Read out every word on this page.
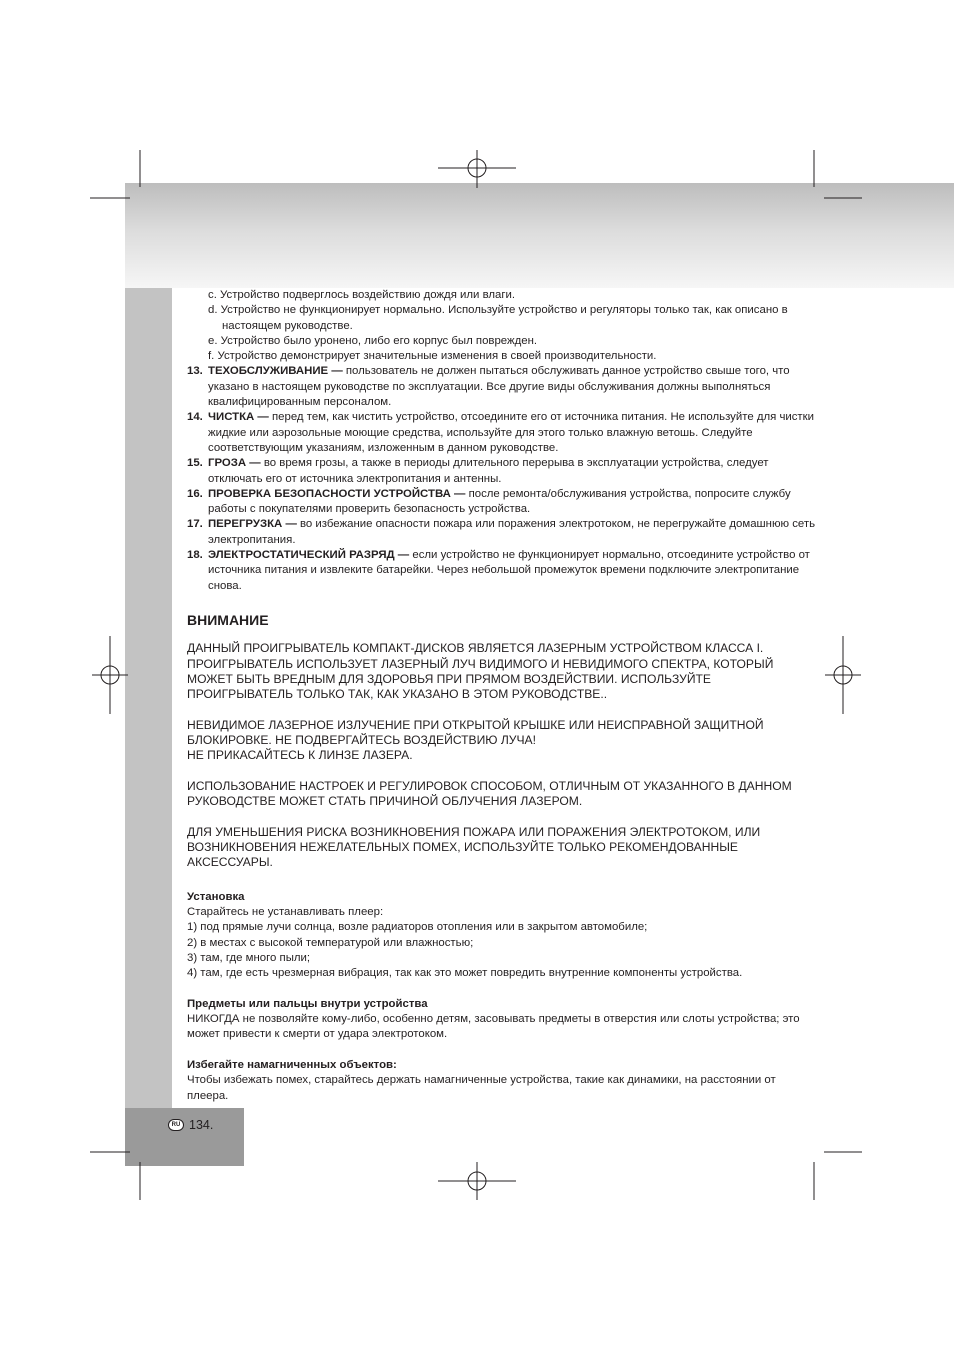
RU 134.
c. Устройство подверглось воздействию дождя или влаги.
d. Устройство не функционирует нормально. Используйте устройство и регуляторы только так, как описано в настоящем руководстве.
e. Устройство было уронено, либо его корпус был поврежден.
f. Устройство демонстрирует значительные изменения в своей производительности.
13. ТЕХОБСЛУЖИВАНИЕ — пользователь не должен пытаться обслуживать данное устройство свыше того, что указано в настоящем руководстве по эксплуатации. Все другие виды обслуживания должны выполняться квалифицированным персоналом.
14. ЧИСТКА — перед тем, как чистить устройство, отсоедините его от источника питания. Не используйте для чистки жидкие или аэрозольные моющие средства, используйте для этого только влажную ветошь. Следуйте соответствующим указаниям, изложенным в данном руководстве.
15. ГРОЗА — во время грозы, а также в периоды длительного перерыва в эксплуатации устройства, следует отключать его от источника электропитания и антенны.
16. ПРОВЕРКА БЕЗОПАСНОСТИ УСТРОЙСТВА — после ремонта/обслуживания устройства, попросите службу работы с покупателями проверить безопасность устройства.
17. ПЕРЕГРУЗКА — во избежание опасности пожара или поражения электротоком, не перегружайте домашнюю сеть электропитания.
18. ЭЛЕКТРОСТАТИЧЕСКИЙ РАЗРЯД — если устройство не функционирует нормально, отсоедините устройство от источника питания и извлеките батарейки. Через небольшой промежуток времени подключите электропитание снова.
ВНИМАНИЕ

ДАННЫЙ ПРОИГРЫВАТЕЛЬ КОМПАКТ-ДИСКОВ ЯВЛЯЕТСЯ ЛАЗЕРНЫМ УСТРОЙСТВОМ КЛАССА I. ПРОИГРЫВАТЕЛЬ ИСПОЛЬЗУЕТ ЛАЗЕРНЫЙ ЛУЧ ВИДИМОГО И НЕВИДИМОГО СПЕКТРА, КОТОРЫЙ МОЖЕТ БЫТЬ ВРЕДНЫМ ДЛЯ ЗДОРОВЬЯ ПРИ ПРЯМОМ ВОЗДЕЙСТВИИ. ИСПОЛЬЗУЙТЕ ПРОИГРЫВАТЕЛЬ ТОЛЬКО ТАК, КАК УКАЗАНО В ЭТОМ РУКОВОДСТВЕ..

НЕВИДИМОЕ ЛАЗЕРНОЕ ИЗЛУЧЕНИЕ ПРИ ОТКРЫТОЙ КРЫШКЕ ИЛИ НЕИСПРАВНОЙ ЗАЩИТНОЙ БЛОКИРОВКЕ. НЕ ПОДВЕРГАЙТЕСЬ ВОЗДЕЙСТВИЮ ЛУЧА!

НЕ ПРИКАСАЙТЕСЬ К ЛИНЗЕ ЛАЗЕРА.

ИСПОЛЬЗОВАНИЕ НАСТРОЕК И РЕГУЛИРОВОК СПОСОБОМ, ОТЛИЧНЫМ ОТ УКАЗАННОГО В ДАННОМ РУКОВОДСТВЕ МОЖЕТ СТАТЬ ПРИЧИНОЙ ОБЛУЧЕНИЯ ЛАЗЕРОМ.

ДЛЯ УМЕНЬШЕНИЯ РИСКА ВОЗНИКНОВЕНИЯ ПОЖАРА ИЛИ ПОРАЖЕНИЯ ЭЛЕКТРОТОКОМ, ИЛИ ВОЗНИКНОВЕНИЯ НЕЖЕЛАТЕЛЬНЫХ ПОМЕХ, ИСПОЛЬЗУЙТЕ ТОЛЬКО РЕКОМЕНДОВАННЫЕ АКСЕССУАРЫ.

Установка

Старайтесь не устанавливать плеер:

1) под прямые лучи солнца, возле радиаторов отопления или в закрытом автомобиле;

2) в местах с высокой температурой или влажностью;

3) там, где много пыли;

4) там, где есть чрезмерная вибрация, так как это может повредить внутренние компоненты устройства.

Предметы или пальцы внутри устройства

НИКОГДА не позволяйте кому-либо, особенно детям, засовывать предметы в отверстия или слоты устройства; это может привести к смерти от удара электротоком.

Избегайте намагниченных объектов:

Чтобы избежать помех, старайтесь держать намагниченные устройства, такие как динамики, на расстоянии от плеера.
